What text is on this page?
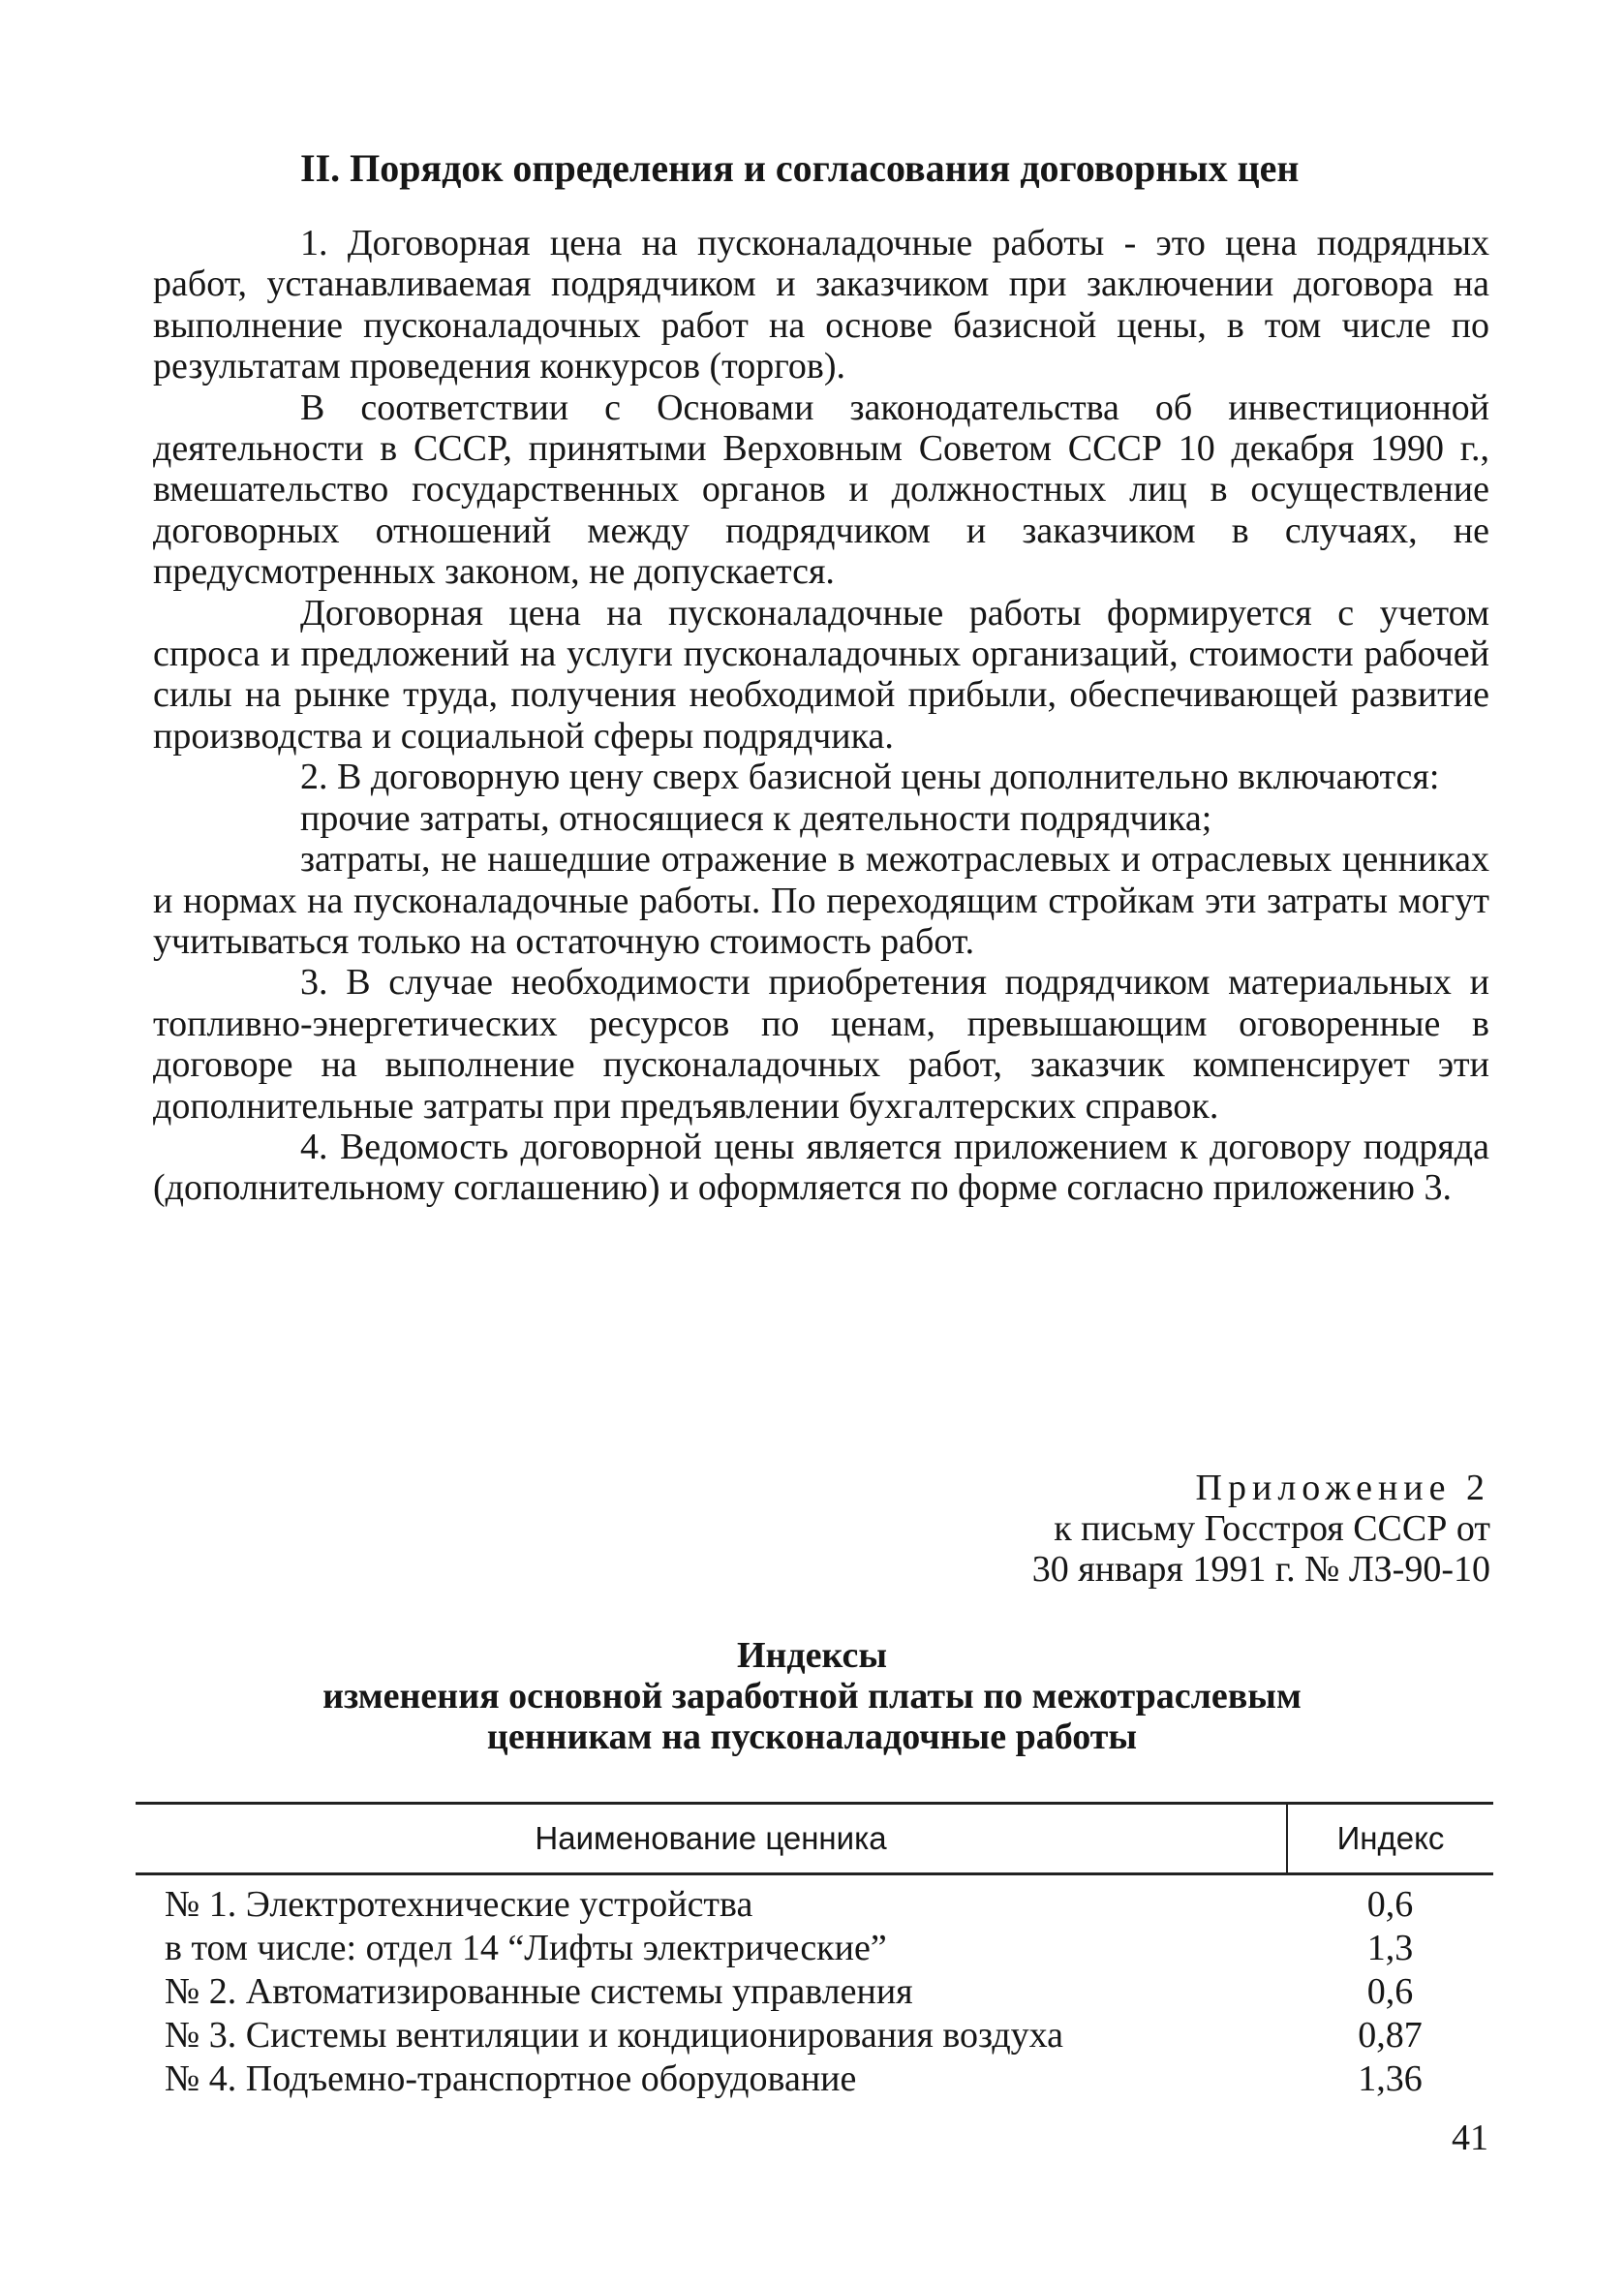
II. Порядок определения и согласования договорных цен

1. Договорная цена на пусконаладочные работы - это цена подрядных работ, устанавливаемая подрядчиком и заказчиком при заключении договора на выполнение пусконаладочных работ на основе базисной цены, в том числе по результатам проведения конкурсов (торгов).

В соответствии с Основами законодательства об инвестиционной деятельности в СССР, принятыми Верховным Советом СССР 10 декабря 1990 г., вмешательство государственных органов и должностных лиц в осуществление договорных отношений между подрядчиком и заказчиком в случаях, не предусмотренных законом, не допускается.

Договорная цена на пусконаладочные работы формируется с учетом спроса и предложений на услуги пусконаладочных организаций, стоимости рабочей силы на рынке труда, получения необходимой прибыли, обеспечивающей развитие производства и социальной сферы подрядчика.

2. В договорную цену сверх базисной цены дополнительно включаются:

прочие затраты, относящиеся к деятельности подрядчика;

затраты, не нашедшие отражение в межотраслевых и отраслевых ценниках и нормах на пусконаладочные работы. По переходящим стройкам эти затраты могут учитываться только на остаточную стоимость работ.

3. В случае необходимости приобретения подрядчиком материальных и топливно-энергетических ресурсов по ценам, превышающим оговоренные в договоре на выполнение пусконаладочных работ, заказчик компенсирует эти дополнительные затраты при предъявлении бухгалтерских справок.

4. Ведомость договорной цены является приложением к договору подряда (дополнительному соглашению) и оформляется по форме согласно приложению 3.

Приложение 2
к письму Госстроя СССР от
30 января 1991 г. № ЛЗ-90-10
Индексы
изменения основной заработной платы по межотраслевым
ценникам на пусконаладочные работы
Наименование ценника	Индекс
№ 1. Электротехнические устройства	0,6
в том числе: отдел 14 “Лифты электрические”	1,3
№ 2. Автоматизированные системы управления	0,6
№ 3. Системы вентиляции и кондиционирования воздуха	0,87
№ 4. Подъемно-транспортное оборудование	1,36
41
